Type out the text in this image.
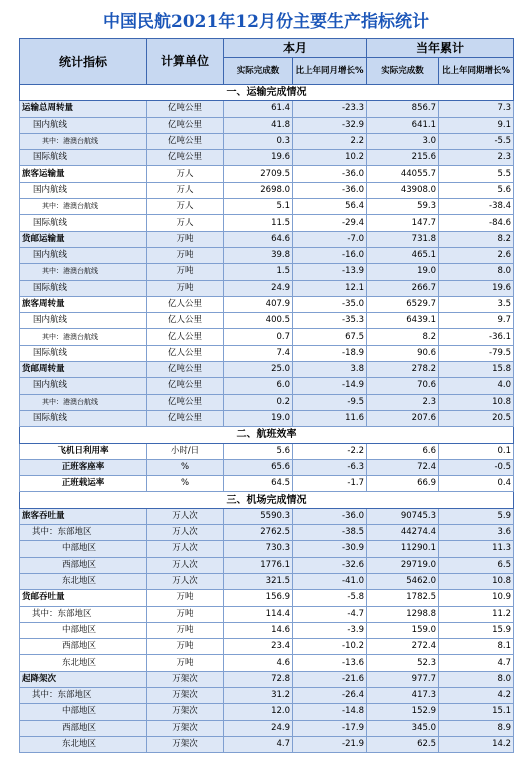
中国民航2021年12月份主要生产指标统计
统计指标	计算单位	本月		当年累计	
		实际完成数	比上年同月增长%	实际完成数	比上年同期增长%
一、运输完成情况					
运输总周转量	亿吨公里	61.4	-23.3	856.7	7.3
国内航线	亿吨公里	41.8	-32.9	641.1	9.1
其中：港澳台航线	亿吨公里	0.3	2.2	3.0	-5.5
国际航线	亿吨公里	19.6	10.2	215.6	2.3
旅客运输量	万人	2709.5	-36.0	44055.7	5.5
国内航线	万人	2698.0	-36.0	43908.0	5.6
其中：港澳台航线	万人	5.1	56.4	59.3	-38.4
国际航线	万人	11.5	-29.4	147.7	-84.6
货邮运输量	万吨	64.6	-7.0	731.8	8.2
国内航线	万吨	39.8	-16.0	465.1	2.6
其中：港澳台航线	万吨	1.5	-13.9	19.0	8.0
国际航线	万吨	24.9	12.1	266.7	19.6
旅客周转量	亿人公里	407.9	-35.0	6529.7	3.5
国内航线	亿人公里	400.5	-35.3	6439.1	9.7
其中：港澳台航线	亿人公里	0.7	67.5	8.2	-36.1
国际航线	亿人公里	7.4	-18.9	90.6	-79.5
货邮周转量	亿吨公里	25.0	3.8	278.2	15.8
国内航线	亿吨公里	6.0	-14.9	70.6	4.0
其中：港澳台航线	亿吨公里	0.2	-9.5	2.3	10.8
国际航线	亿吨公里	19.0	11.6	207.6	20.5
二、航班效率					
飞机日利用率	小时/日	5.6	-2.2	6.6	0.1
正班客座率	%	65.6	-6.3	72.4	-0.5
正班载运率	%	64.5	-1.7	66.9	0.4
三、机场完成情况					
旅客吞吐量	万人次	5590.3	-36.0	90745.3	5.9
其中：东部地区	万人次	2762.5	-38.5	44274.4	3.6
中部地区	万人次	730.3	-30.9	11290.1	11.3
西部地区	万人次	1776.1	-32.6	29719.0	6.5
东北地区	万人次	321.5	-41.0	5462.0	10.8
货邮吞吐量	万吨	156.9	-5.8	1782.5	10.9
其中：东部地区	万吨	114.4	-4.7	1298.8	11.2
中部地区	万吨	14.6	-3.9	159.0	15.9
西部地区	万吨	23.4	-10.2	272.4	8.1
东北地区	万吨	4.6	-13.6	52.3	4.7
起降架次	万架次	72.8	-21.6	977.7	8.0
其中：东部地区	万架次	31.2	-26.4	417.3	4.2
中部地区	万架次	12.0	-14.8	152.9	15.1
西部地区	万架次	24.9	-17.9	345.0	8.9
东北地区	万架次	4.7	-21.9	62.5	14.2
